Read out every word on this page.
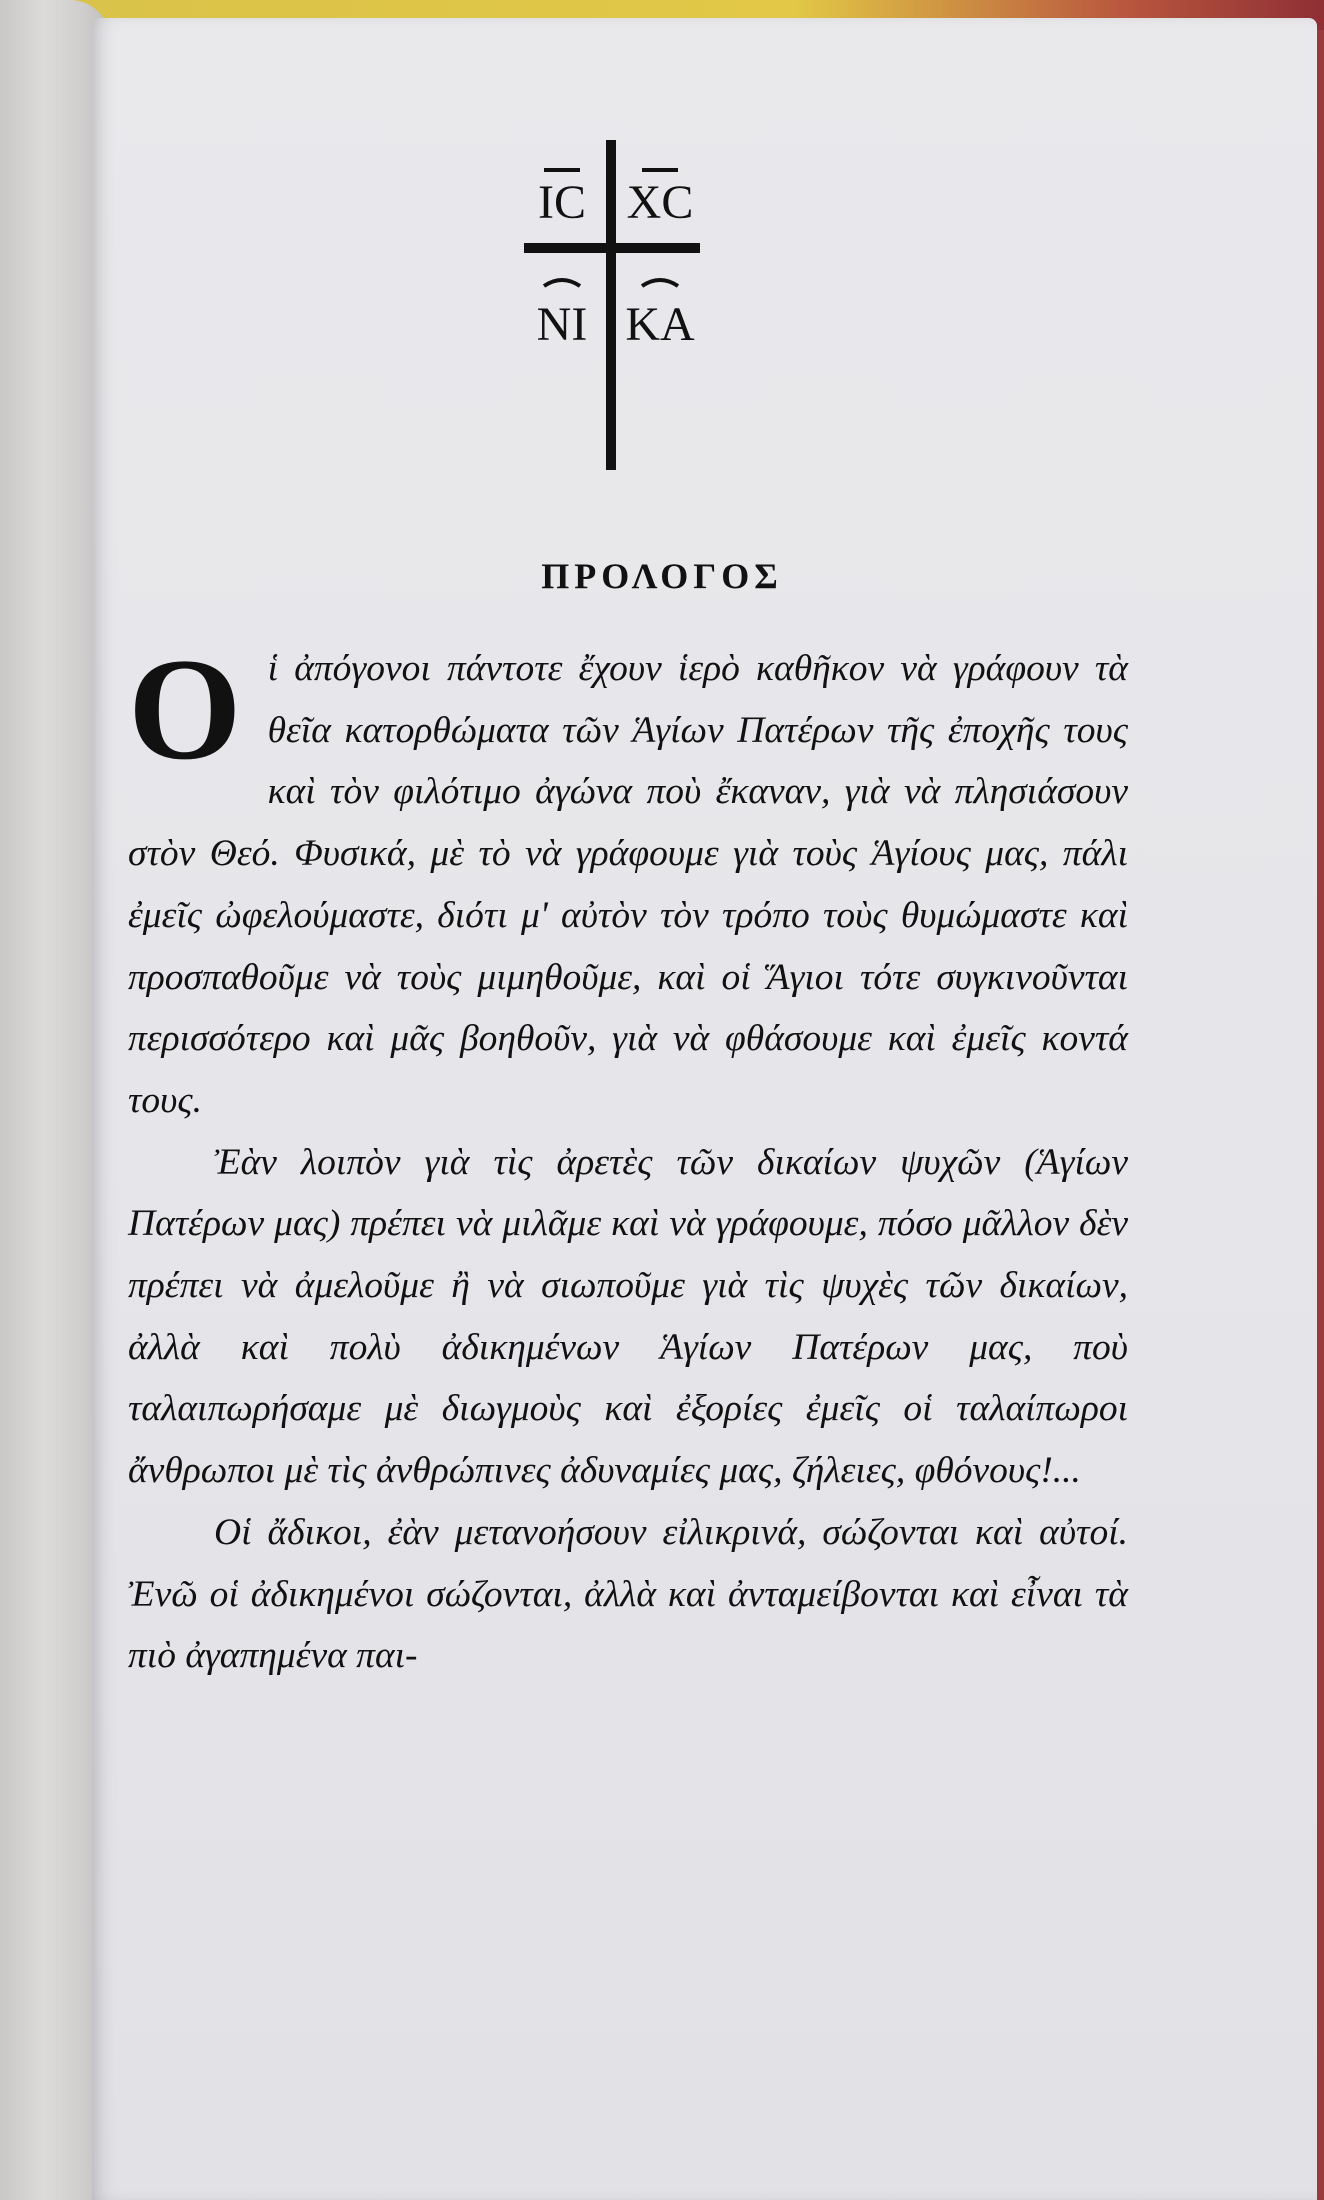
IC XC
NI KA
ΠΡΟΛΟΓΟΣ

Οἱ ἀπόγονοι πάντοτε ἔχουν ἱερὸ καθῆκον νὰ γράφουν τὰ θεῖα κατορθώματα τῶν Ἁγίων Πατέρων τῆς ἐποχῆς τους καὶ τὸν φιλότιμο ἀγώνα ποὺ ἔκαναν, γιὰ νὰ πλησιάσουν στὸν Θεό. Φυσικά, μὲ τὸ νὰ γράφουμε γιὰ τοὺς Ἁγίους μας, πάλι ἐμεῖς ὠφελούμαστε, διότι μ' αὐτὸν τὸν τρόπο τοὺς θυμώμαστε καὶ προσπαθοῦμε νὰ τοὺς μιμηθοῦμε, καὶ οἱ Ἅγιοι τότε συγκινοῦνται περισσότερο καὶ μᾶς βοηθοῦν, γιὰ νὰ φθάσουμε καὶ ἐμεῖς κοντά τους.

Ἐὰν λοιπὸν γιὰ τὶς ἀρετὲς τῶν δικαίων ψυχῶν (Ἁγίων Πατέρων μας) πρέπει νὰ μιλᾶμε καὶ νὰ γράφουμε, πόσο μᾶλλον δὲν πρέπει νὰ ἀμελοῦμε ἢ νὰ σιωποῦμε γιὰ τὶς ψυχὲς τῶν δικαίων, ἀλλὰ καὶ πολὺ ἀδικημένων Ἁγίων Πατέρων μας, ποὺ ταλαιπωρήσαμε μὲ διωγμοὺς καὶ ἐξορίες ἐμεῖς οἱ ταλαίπωροι ἄνθρωποι μὲ τὶς ἀνθρώπινες ἀδυναμίες μας, ζήλειες, φθόνους!...

Οἱ ἄδικοι, ἐὰν μετανοήσουν εἰλικρινά, σώζονται καὶ αὐτοί. Ἐνῶ οἱ ἀδικημένοι σώζονται, ἀλλὰ καὶ ἀνταμείβονται καὶ εἶναι τὰ πιὸ ἀγαπημένα παι-
